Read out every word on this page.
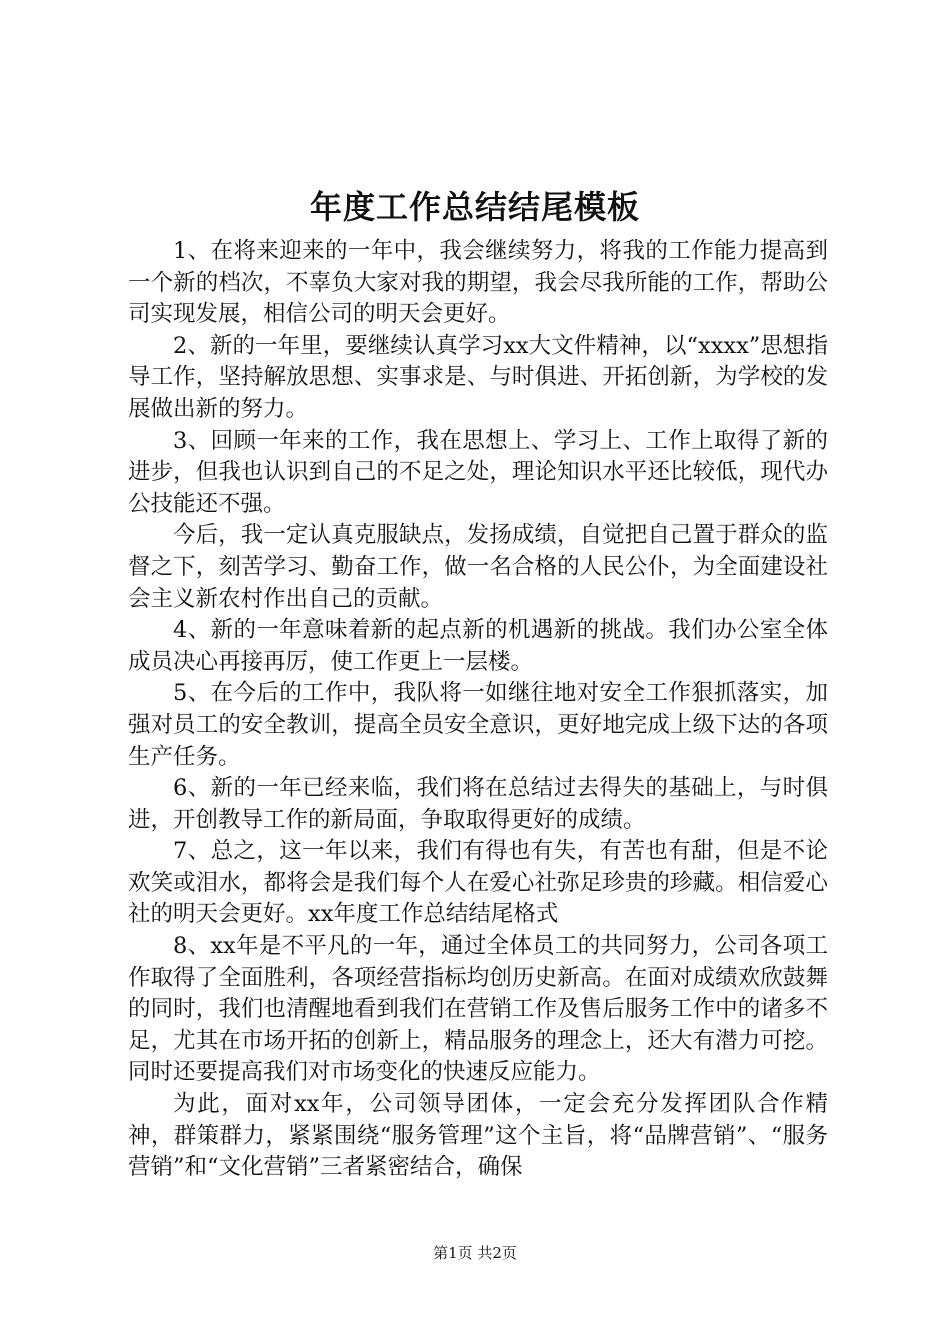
年度工作总结结尾模板

1、在将来迎来的一年中，我会继续努力，将我的工作能力提高到一个新的档次，不辜负大家对我的期望，我会尽我所能的工作，帮助公司实现发展，相信公司的明天会更好。

2、新的一年里，要继续认真学习xx大文件精神，以“xxxx”思想指导工作，坚持解放思想、实事求是、与时俱进、开拓创新，为学校的发展做出新的努力。

3、回顾一年来的工作，我在思想上、学习上、工作上取得了新的进步，但我也认识到自己的不足之处，理论知识水平还比较低，现代办公技能还不强。

今后，我一定认真克服缺点，发扬成绩，自觉把自己置于群众的监督之下，刻苦学习、勤奋工作，做一名合格的人民公仆，为全面建设社会主义新农村作出自己的贡献。

4、新的一年意味着新的起点新的机遇新的挑战。我们办公室全体成员决心再接再厉，使工作更上一层楼。

5、在今后的工作中，我队将一如继往地对安全工作狠抓落实，加强对员工的安全教训，提高全员安全意识，更好地完成上级下达的各项生产任务。

6、新的一年已经来临，我们将在总结过去得失的基础上，与时俱进，开创教导工作的新局面，争取取得更好的成绩。

7、总之，这一年以来，我们有得也有失，有苦也有甜，但是不论欢笑或泪水，都将会是我们每个人在爱心社弥足珍贵的珍藏。相信爱心社的明天会更好。xx年度工作总结结尾格式

8、xx年是不平凡的一年，通过全体员工的共同努力，公司各项工作取得了全面胜利，各项经营指标均创历史新高。在面对成绩欢欣鼓舞的同时，我们也清醒地看到我们在营销工作及售后服务工作中的诸多不足，尤其在市场开拓的创新上，精品服务的理念上，还大有潜力可挖。同时还要提高我们对市场变化的快速反应能力。

为此，面对xx年，公司领导团体，一定会充分发挥团队合作精神，群策群力，紧紧围绕“服务管理”这个主旨，将“品牌营销”、“服务营销”和“文化营销”三者紧密结合，确保

第1页 共2页
